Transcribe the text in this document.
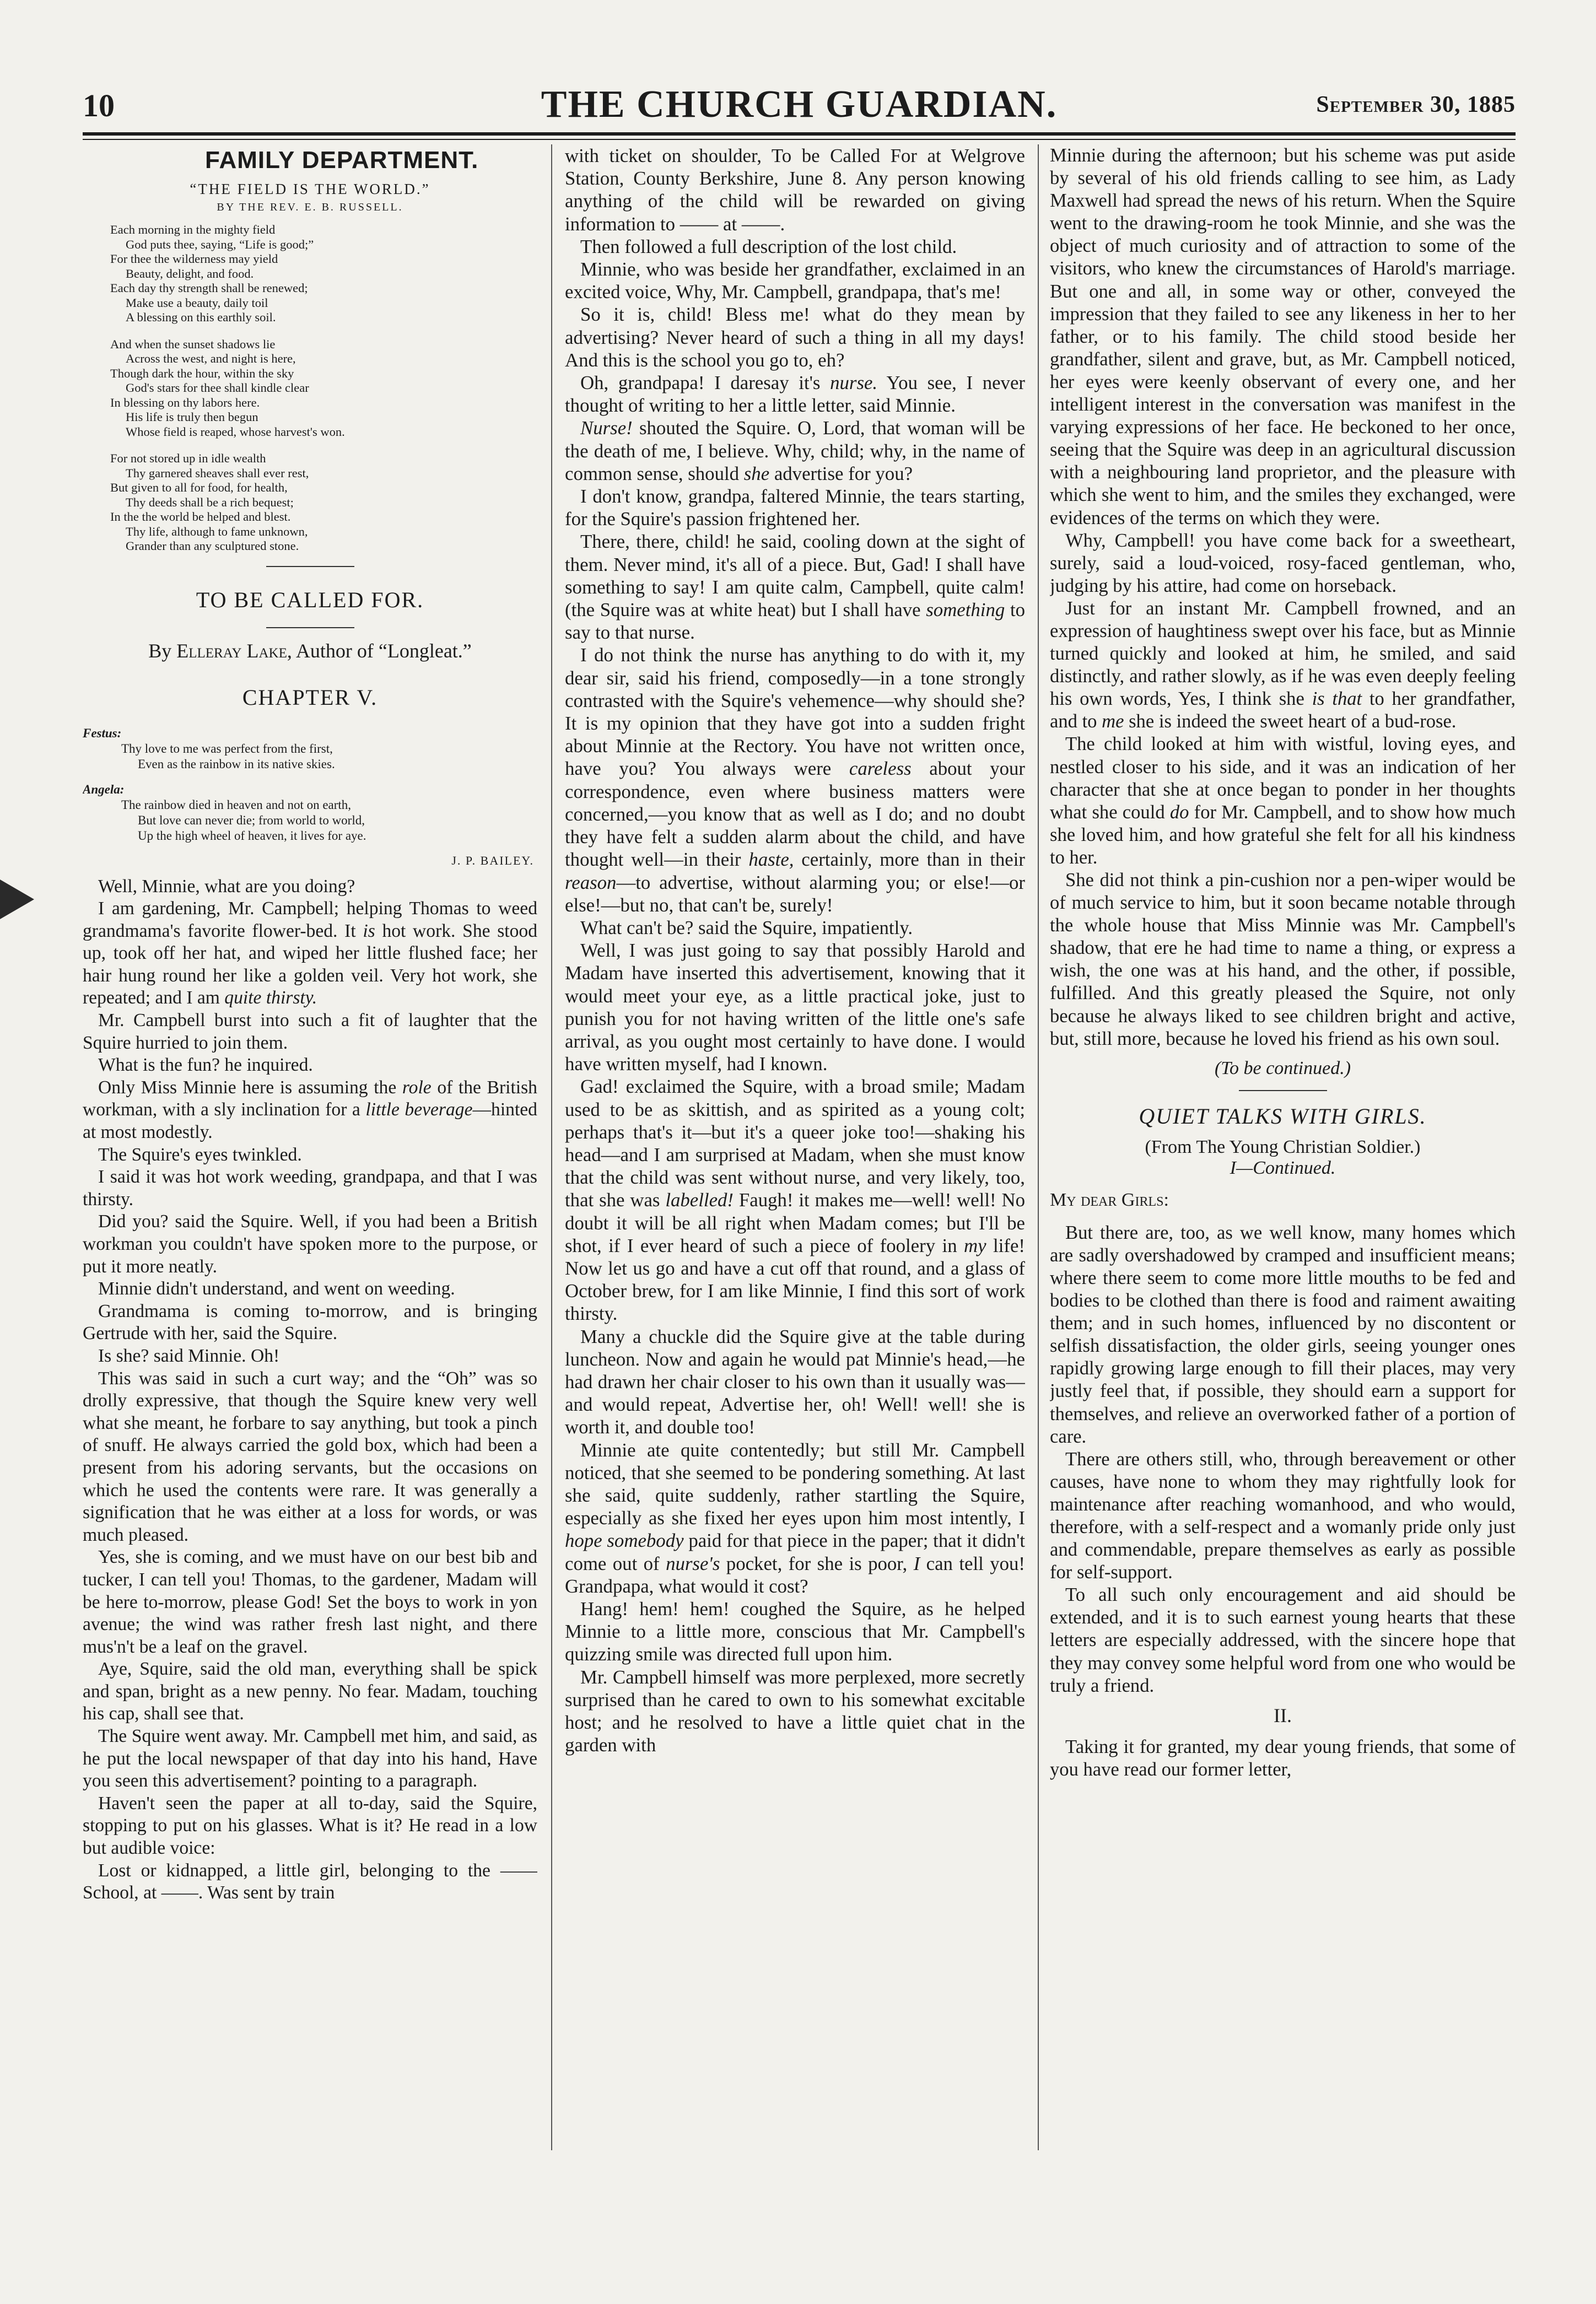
10	THE CHURCH GUARDIAN.	September 30, 1885
FAMILY DEPARTMENT.
“THE FIELD IS THE WORLD.”
BY THE REV. E. B. RUSSELL.
Each morning in the mighty field
God puts thee, saying, “Life is good;”
For thee the wilderness may yield
Beauty, delight, and food.
Each day thy strength shall be renewed;
Make use a beauty, daily toil
A blessing on this earthly soil.
And when the sunset shadows lie
Across the west, and night is here,
Though dark the hour, within the sky
God's stars for thee shall kindle clear
In blessing on thy labors here.
His life is truly then begun
Whose field is reaped, whose harvest's won.
For not stored up in idle wealth
Thy garnered sheaves shall ever rest,
But given to all for food, for health,
Thy deeds shall be a rich bequest;
In the the world be helped and blest.
Thy life, although to fame unknown,
Grander than any sculptured stone.
TO BE CALLED FOR.
By Elleray Lake, Author of “Longleat.”
CHAPTER V.
Festus:
Thy love to me was perfect from the first,
Even as the rainbow in its native skies.
Angela:
The rainbow died in heaven and not on earth,
But love can never die; from world to world,
Up the high wheel of heaven, it lives for aye.
J. P. BAILEY.

Well, Minnie, what are you doing?

I am gardening, Mr. Campbell; helping Thomas to weed grandmama's favorite flower-bed. It is hot work. She stood up, took off her hat, and wiped her little flushed face; her hair hung round her like a golden veil. Very hot work, she repeated; and I am quite thirsty.

Mr. Campbell burst into such a fit of laughter that the Squire hurried to join them.

What is the fun? he inquired.

Only Miss Minnie here is assuming the role of the British workman, with a sly inclination for a little beverage—hinted at most modestly.

The Squire's eyes twinkled.

I said it was hot work weeding, grandpapa, and that I was thirsty.

Did you? said the Squire. Well, if you had been a British workman you couldn't have spoken more to the purpose, or put it more neatly.

Minnie didn't understand, and went on weeding.

Grandmama is coming to-morrow, and is bringing Gertrude with her, said the Squire.

Is she? said Minnie. Oh!

This was said in such a curt way; and the “Oh” was so drolly expressive, that though the Squire knew very well what she meant, he forbare to say anything, but took a pinch of snuff. He always carried the gold box, which had been a present from his adoring servants, but the occasions on which he used the contents were rare. It was generally a signification that he was either at a loss for words, or was much pleased.

Yes, she is coming, and we must have on our best bib and tucker, I can tell you! Thomas, to the gardener, Madam will be here to-morrow, please God! Set the boys to work in yon avenue; the wind was rather fresh last night, and there mus'n't be a leaf on the gravel.

Aye, Squire, said the old man, everything shall be spick and span, bright as a new penny. No fear. Madam, touching his cap, shall see that.

The Squire went away. Mr. Campbell met him, and said, as he put the local newspaper of that day into his hand, Have you seen this advertisement? pointing to a paragraph.

Haven't seen the paper at all to-day, said the Squire, stopping to put on his glasses. What is it? He read in a low but audible voice:

Lost or kidnapped, a little girl, belonging to the —— School, at ——. Was sent by train

with ticket on shoulder, To be Called For at Welgrove Station, County Berkshire, June 8. Any person knowing anything of the child will be rewarded on giving information to —— at ——.

Then followed a full description of the lost child.

Minnie, who was beside her grandfather, exclaimed in an excited voice, Why, Mr. Campbell, grandpapa, that's me!

So it is, child! Bless me! what do they mean by advertising? Never heard of such a thing in all my days! And this is the school you go to, eh?

Oh, grandpapa! I daresay it's nurse. You see, I never thought of writing to her a little letter, said Minnie.

Nurse! shouted the Squire. O, Lord, that woman will be the death of me, I believe. Why, child; why, in the name of common sense, should she advertise for you?

I don't know, grandpa, faltered Minnie, the tears starting, for the Squire's passion frightened her.

There, there, child! he said, cooling down at the sight of them. Never mind, it's all of a piece. But, Gad! I shall have something to say! I am quite calm, Campbell, quite calm! (the Squire was at white heat) but I shall have something to say to that nurse.

I do not think the nurse has anything to do with it, my dear sir, said his friend, composedly—in a tone strongly contrasted with the Squire's vehemence—why should she? It is my opinion that they have got into a sudden fright about Minnie at the Rectory. You have not written once, have you? You always were careless about your correspondence, even where business matters were concerned,—you know that as well as I do; and no doubt they have felt a sudden alarm about the child, and have thought well—in their haste, certainly, more than in their reason—to advertise, without alarming you; or else!—or else!—but no, that can't be, surely!

What can't be? said the Squire, impatiently.

Well, I was just going to say that possibly Harold and Madam have inserted this advertisement, knowing that it would meet your eye, as a little practical joke, just to punish you for not having written of the little one's safe arrival, as you ought most certainly to have done. I would have written myself, had I known.

Gad! exclaimed the Squire, with a broad smile; Madam used to be as skittish, and as spirited as a young colt; perhaps that's it—but it's a queer joke too!—shaking his head—and I am surprised at Madam, when she must know that the child was sent without nurse, and very likely, too, that she was labelled! Faugh! it makes me—well! well! No doubt it will be all right when Madam comes; but I'll be shot, if I ever heard of such a piece of foolery in my life! Now let us go and have a cut off that round, and a glass of October brew, for I am like Minnie, I find this sort of work thirsty.

Many a chuckle did the Squire give at the table during luncheon. Now and again he would pat Minnie's head,—he had drawn her chair closer to his own than it usually was—and would repeat, Advertise her, oh! Well! well! she is worth it, and double too!

Minnie ate quite contentedly; but still Mr. Campbell noticed, that she seemed to be pondering something. At last she said, quite suddenly, rather startling the Squire, especially as she fixed her eyes upon him most intently, I hope somebody paid for that piece in the paper; that it didn't come out of nurse's pocket, for she is poor, I can tell you! Grandpapa, what would it cost?

Hang! hem! hem! coughed the Squire, as he helped Minnie to a little more, conscious that Mr. Campbell's quizzing smile was directed full upon him.

Mr. Campbell himself was more perplexed, more secretly surprised than he cared to own to his somewhat excitable host; and he resolved to have a little quiet chat in the garden with

Minnie during the afternoon; but his scheme was put aside by several of his old friends calling to see him, as Lady Maxwell had spread the news of his return. When the Squire went to the drawing-room he took Minnie, and she was the object of much curiosity and of attraction to some of the visitors, who knew the circumstances of Harold's marriage. But one and all, in some way or other, conveyed the impression that they failed to see any likeness in her to her father, or to his family. The child stood beside her grandfather, silent and grave, but, as Mr. Campbell noticed, her eyes were keenly observant of every one, and her intelligent interest in the conversation was manifest in the varying expressions of her face. He beckoned to her once, seeing that the Squire was deep in an agricultural discussion with a neighbouring land proprietor, and the pleasure with which she went to him, and the smiles they exchanged, were evidences of the terms on which they were.

Why, Campbell! you have come back for a sweetheart, surely, said a loud-voiced, rosy-faced gentleman, who, judging by his attire, had come on horseback.

Just for an instant Mr. Campbell frowned, and an expression of haughtiness swept over his face, but as Minnie turned quickly and looked at him, he smiled, and said distinctly, and rather slowly, as if he was even deeply feeling his own words, Yes, I think she is that to her grandfather, and to me she is indeed the sweet heart of a bud-rose.

The child looked at him with wistful, loving eyes, and nestled closer to his side, and it was an indication of her character that she at once began to ponder in her thoughts what she could do for Mr. Campbell, and to show how much she loved him, and how grateful she felt for all his kindness to her.

She did not think a pin-cushion nor a pen-wiper would be of much service to him, but it soon became notable through the whole house that Miss Minnie was Mr. Campbell's shadow, that ere he had time to name a thing, or express a wish, the one was at his hand, and the other, if possible, fulfilled. And this greatly pleased the Squire, not only because he always liked to see children bright and active, but, still more, because he loved his friend as his own soul.

(To be continued.)
QUIET TALKS WITH GIRLS.
(From The Young Christian Soldier.)
I—Continued.
My dear Girls:

But there are, too, as we well know, many homes which are sadly overshadowed by cramped and insufficient means; where there seem to come more little mouths to be fed and bodies to be clothed than there is food and raiment awaiting them; and in such homes, influenced by no discontent or selfish dissatisfaction, the older girls, seeing younger ones rapidly growing large enough to fill their places, may very justly feel that, if possible, they should earn a support for themselves, and relieve an overworked father of a portion of care.

There are others still, who, through bereavement or other causes, have none to whom they may rightfully look for maintenance after reaching womanhood, and who would, therefore, with a self-respect and a womanly pride only just and commendable, prepare themselves as early as possible for self-support.

To all such only encouragement and aid should be extended, and it is to such earnest young hearts that these letters are especially addressed, with the sincere hope that they may convey some helpful word from one who would be truly a friend.

II.

Taking it for granted, my dear young friends, that some of you have read our former letter,
